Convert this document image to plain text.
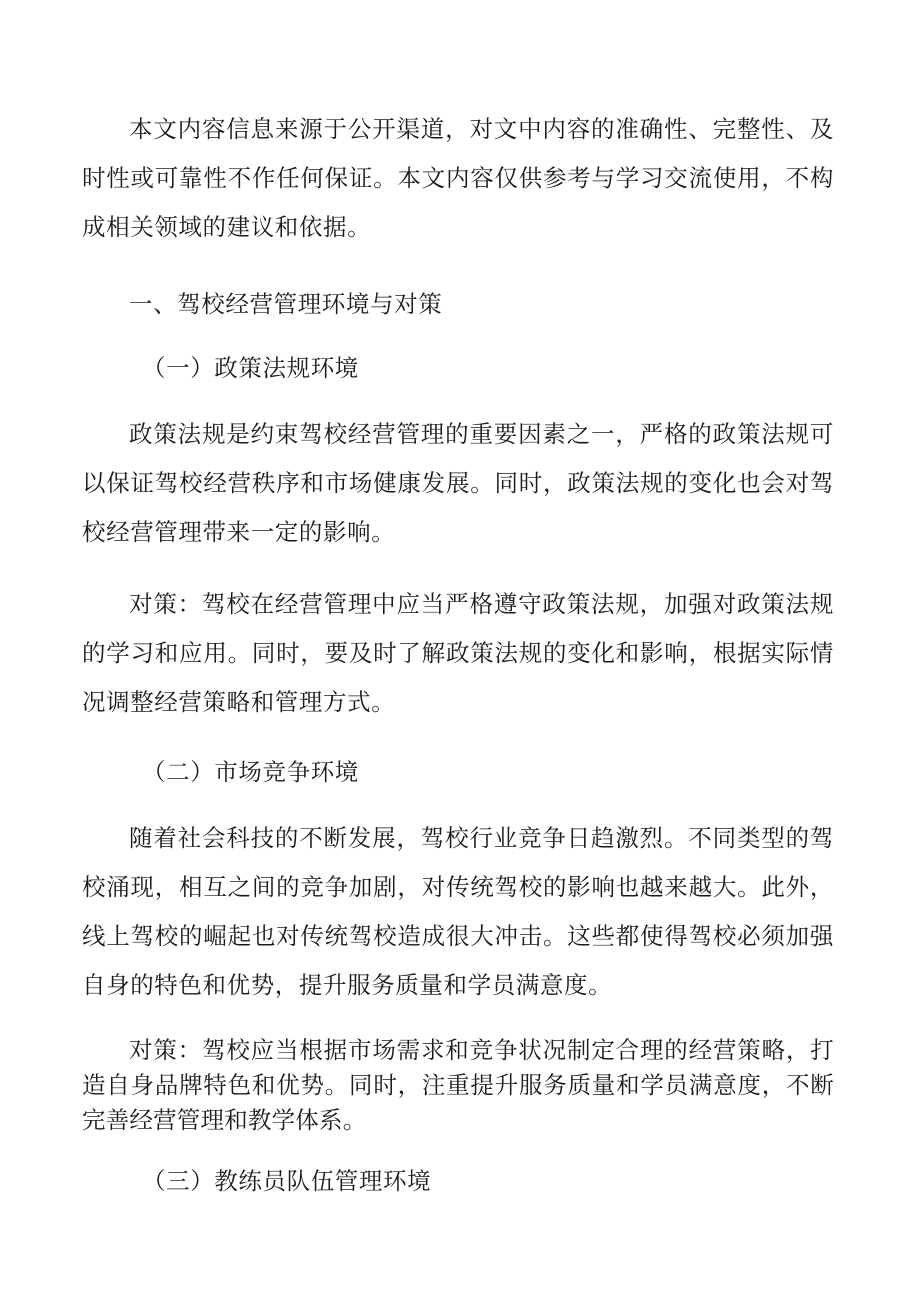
本文内容信息来源于公开渠道，对文中内容的准确性、完整性、及时性或可靠性不作任何保证。本文内容仅供参考与学习交流使用，不构成相关领域的建议和依据。

一、驾校经营管理环境与对策

（一）政策法规环境

政策法规是约束驾校经营管理的重要因素之一，严格的政策法规可以保证驾校经营秩序和市场健康发展。同时，政策法规的变化也会对驾校经营管理带来一定的影响。

对策：驾校在经营管理中应当严格遵守政策法规，加强对政策法规的学习和应用。同时，要及时了解政策法规的变化和影响，根据实际情况调整经营策略和管理方式。

（二）市场竞争环境

随着社会科技的不断发展，驾校行业竞争日趋激烈。不同类型的驾校涌现，相互之间的竞争加剧，对传统驾校的影响也越来越大。此外，线上驾校的崛起也对传统驾校造成很大冲击。这些都使得驾校必须加强自身的特色和优势，提升服务质量和学员满意度。

对策：驾校应当根据市场需求和竞争状况制定合理的经营策略，打造自身品牌特色和优势。同时，注重提升服务质量和学员满意度，不断完善经营管理和教学体系。

（三）教练员队伍管理环境
